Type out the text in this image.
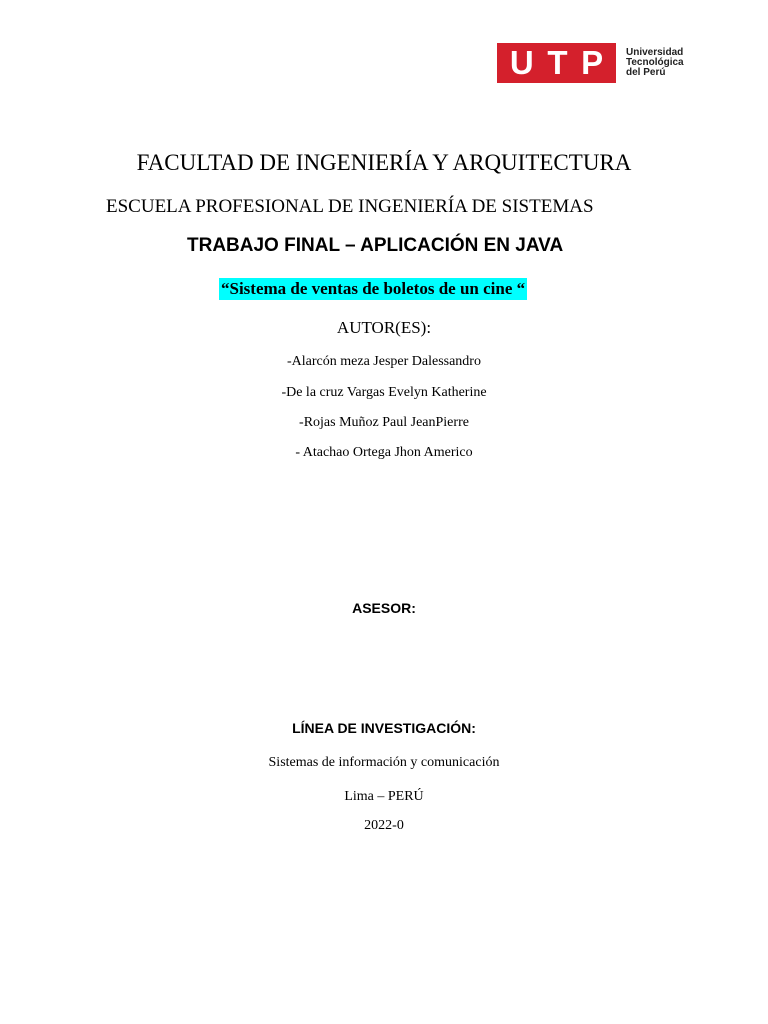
U T P Universidad
Tecnológica
del Perú
FACULTAD DE INGENIERÍA Y ARQUITECTURA
ESCUELA PROFESIONAL DE INGENIERÍA DE SISTEMAS
TRABAJO FINAL – APLICACIÓN EN JAVA
“Sistema de ventas de boletos de un cine “
AUTOR(ES):
-Alarcón meza Jesper Dalessandro
-De la cruz Vargas Evelyn Katherine
-Rojas Muñoz Paul JeanPierre
- Atachao Ortega Jhon Americo
ASESOR:
LÍNEA DE INVESTIGACIÓN:
Sistemas de información y comunicación
Lima – PERÚ
2022-0
